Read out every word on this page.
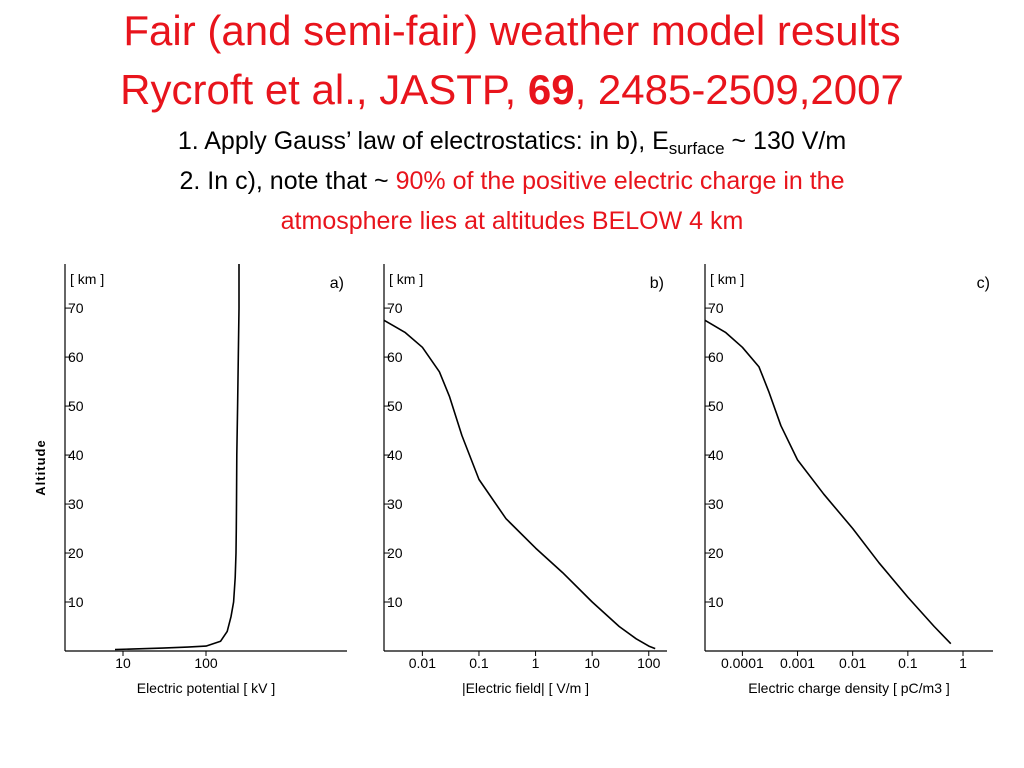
Fair (and semi-fair) weather model results
Rycroft et al., JASTP, 69, 2485-2509,2007
1. Apply Gauss’ law of electrostatics: in b), $E_{surface}$ ~ 130 V/m
2. In c), note that ~ 90% of the positive electric charge in the
atmosphere lies at altitudes BELOW 4 km
[ km ]	a)
10
20
30
40
50
60
70
10	100
Electric potential [ kV ]
Altitude
[ km ]	b)
10
20
30
40
50
60
70
0.01 0.1	1	10	100
|Electric field| [ V/m ]
[ km ]	c)
10
20
30
40
50
60
70
0.0001 0.001 0.01 0.1	1
Electric charge density [ pC/m3 ]
